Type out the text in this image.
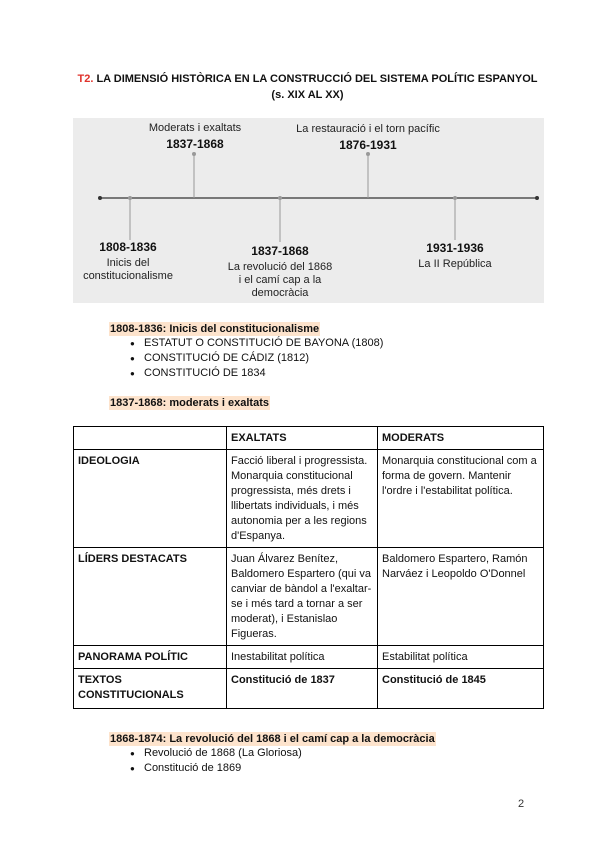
T2. LA DIMENSIÓ HISTÒRICA EN LA CONSTRUCCIÓ DEL SISTEMA POLÍTIC ESPANYOL (s. XIX AL XX)
Moderats i exaltats
1837-1868
La restauració i el torn pacífic
1876-1931
1808-1836
Inicis del
constitucionalisme
1837-1868
La revolució del 1868
i el camí cap a la
democràcia
1931-1936
La II República
1808-1836: Inicis del constitucionalisme
● ESTATUT O CONSTITUCIÓ DE BAYONA (1808)
● CONSTITUCIÓ DE CÁDIZ (1812)
● CONSTITUCIÓ DE 1834
1837-1868: moderats i exaltats
	EXALTATS	MODERATS
IDEOLOGIA	Facció liberal i progressista. Monarquia constitucional progressista, més drets i llibertats individuals, i més autonomia per a les regions d'Espanya.	Monarquia constitucional com a forma de govern. Mantenir l'ordre i l'estabilitat política.
LÍDERS DESTACATS	Juan Álvarez Benítez, Baldomero Espartero (qui va canviar de bàndol a l'exaltar-se i més tard a tornar a ser moderat), i Estanislao Figueras.	Baldomero Espartero, Ramón Narváez i Leopoldo O'Donnel
PANORAMA POLÍTIC	Inestabilitat política	Estabilitat política
TEXTOS CONSTITUCIONALS	Constitució de 1837	Constitució de 1845
1868-1874: La revolució del 1868 i el camí cap a la democràcia
● Revolució de 1868 (La Gloriosa)
● Constitució de 1869
2
